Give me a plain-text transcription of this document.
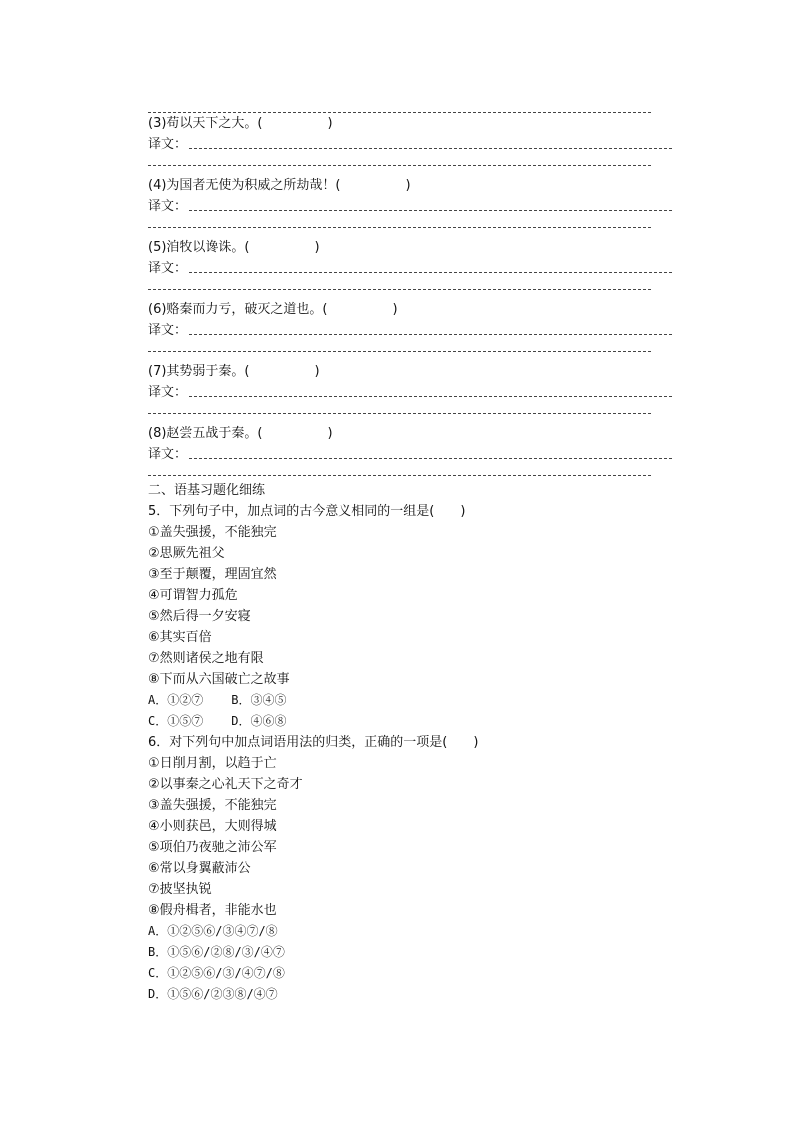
(3)苟以天下之大。(　　　　　)
译文：
(4)为国者无使为积威之所劫哉！(　　　　　)
译文：
(5)洎牧以谗诛。(　　　　　)
译文：
(6)赂秦而力亏，破灭之道也。(　　　　　)
译文：
(7)其势弱于秦。(　　　　　)
译文：
(8)赵尝五战于秦。(　　　　　)
译文：
二、语基习题化细练
5．下列句子中，加点词的古今意义相同的一组是(　　)
①盖失强援，不能独完
②思厥先祖父
③至于颠覆，理固宜然
④可谓智力孤危
⑤然后得一夕安寝
⑥其实百倍
⑦然则诸侯之地有限
⑧下而从六国破亡之故事
A．①②⑦ B．③④⑤
C．①⑤⑦ D．④⑥⑧
6．对下列句中加点词语用法的归类，正确的一项是(　　)
①日削月割，以趋于亡
②以事秦之心礼天下之奇才
③盖失强援，不能独完
④小则获邑，大则得城
⑤项伯乃夜驰之沛公军
⑥常以身翼蔽沛公
⑦披坚执锐
⑧假舟楫者，非能水也
A．①②⑤⑥/③④⑦/⑧
B．①⑤⑥/②⑧/③/④⑦
C．①②⑤⑥/③/④⑦/⑧
D．①⑤⑥/②③⑧/④⑦
